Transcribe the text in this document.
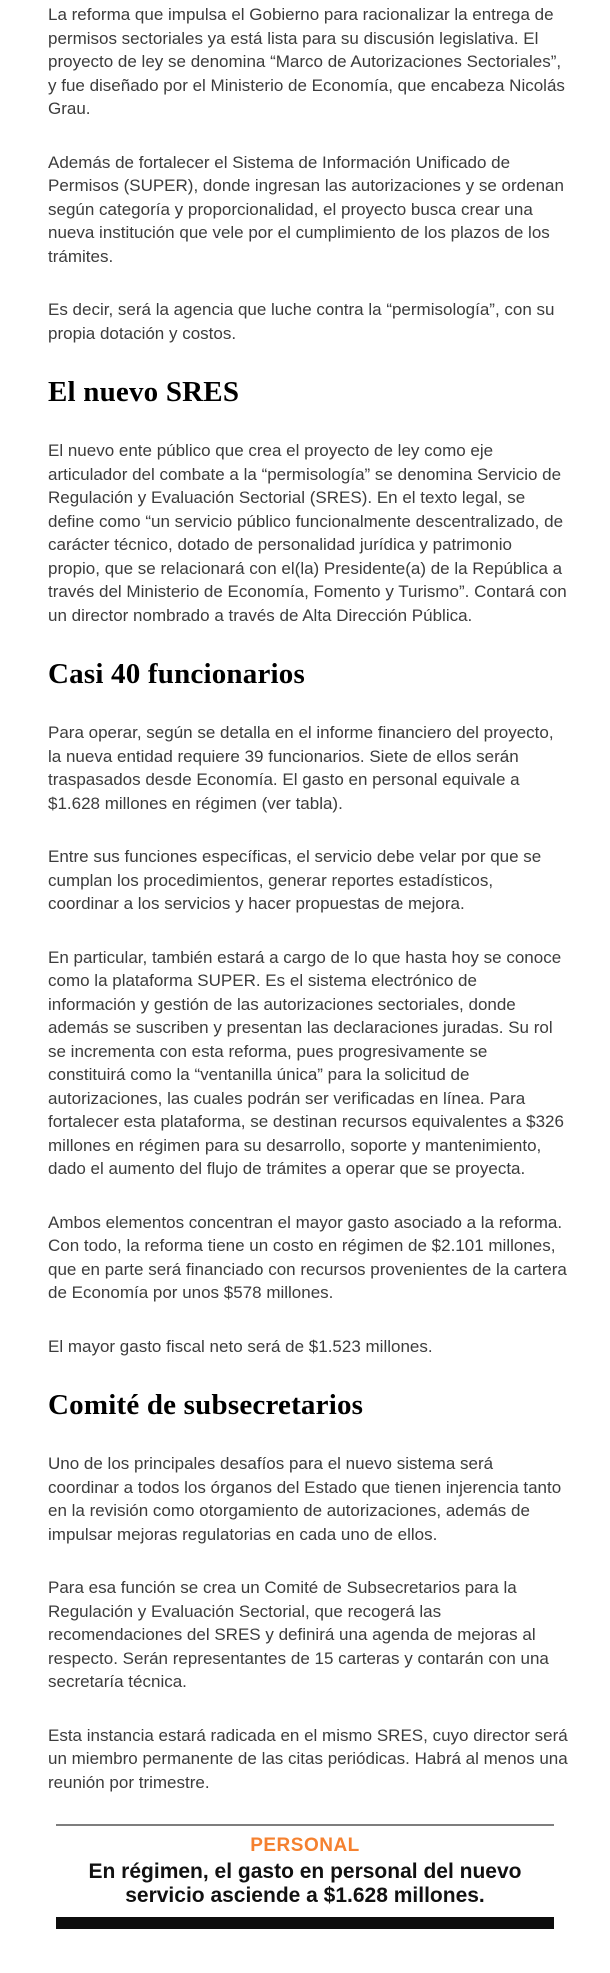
La reforma que impulsa el Gobierno para racionalizar la entrega de permisos sectoriales ya está lista para su discusión legislativa. El proyecto de ley se denomina “Marco de Autorizaciones Sectoriales”, y fue diseñado por el Ministerio de Economía, que encabeza Nicolás Grau.

Además de fortalecer el Sistema de Información Unificado de Permisos (SUPER), donde ingresan las autorizaciones y se ordenan según categoría y proporcionalidad, el proyecto busca crear una nueva institución que vele por el cumplimiento de los plazos de los trámites.

Es decir, será la agencia que luche contra la “permisología”, con su propia dotación y costos.

El nuevo SRES

El nuevo ente público que crea el proyecto de ley como eje articulador del combate a la “permisología” se denomina Servicio de Regulación y Evaluación Sectorial (SRES). En el texto legal, se define como “un servicio público funcionalmente descentralizado, de carácter técnico, dotado de personalidad jurídica y patrimonio propio, que se relacionará con el(la) Presidente(a) de la República a través del Ministerio de Economía, Fomento y Turismo”. Contará con un director nombrado a través de Alta Dirección Pública.

Casi 40 funcionarios

Para operar, según se detalla en el informe financiero del proyecto, la nueva entidad requiere 39 funcionarios. Siete de ellos serán traspasados desde Economía. El gasto en personal equivale a $1.628 millones en régimen (ver tabla).

Entre sus funciones específicas, el servicio debe velar por que se cumplan los procedimientos, generar reportes estadísticos, coordinar a los servicios y hacer propuestas de mejora.

En particular, también estará a cargo de lo que hasta hoy se conoce como la plataforma SUPER. Es el sistema electrónico de información y gestión de las autorizaciones sectoriales, donde además se suscriben y presentan las declaraciones juradas. Su rol se incrementa con esta reforma, pues progresivamente se constituirá como la “ventanilla única” para la solicitud de autorizaciones, las cuales podrán ser verificadas en línea. Para fortalecer esta plataforma, se destinan recursos equivalentes a $326 millones en régimen para su desarrollo, soporte y mantenimiento, dado el aumento del flujo de trámites a operar que se proyecta.

Ambos elementos concentran el mayor gasto asociado a la reforma. Con todo, la reforma tiene un costo en régimen de $2.101 millones, que en parte será financiado con recursos provenientes de la cartera de Economía por unos $578 millones.

El mayor gasto fiscal neto será de $1.523 millones.

Comité de subsecretarios

Uno de los principales desafíos para el nuevo sistema será coordinar a todos los órganos del Estado que tienen injerencia tanto en la revisión como otorgamiento de autorizaciones, además de impulsar mejoras regulatorias en cada uno de ellos.

Para esa función se crea un Comité de Subsecretarios para la Regulación y Evaluación Sectorial, que recogerá las recomendaciones del SRES y definirá una agenda de mejoras al respecto. Serán representantes de 15 carteras y contarán con una secretaría técnica.

Esta instancia estará radicada en el mismo SRES, cuyo director será un miembro permanente de las citas periódicas. Habrá al menos una reunión por trimestre.

PERSONAL
En régimen, el gasto en personal del nuevo servicio asciende a $1.628 millones.
